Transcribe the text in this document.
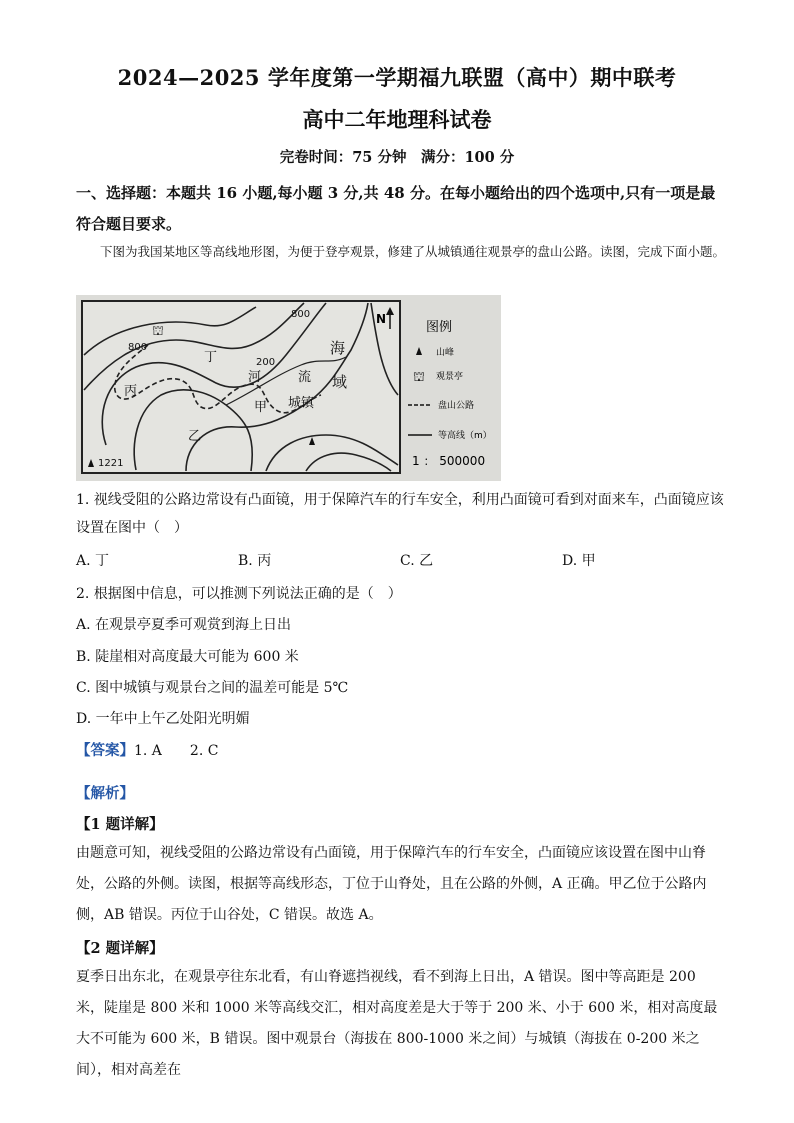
2024—2025 学年度第一学期福九联盟（高中）期中联考
高中二年地理科试卷
完卷时间：75 分钟　满分：100 分
一、选择题：本题共 16 小题,每小题 3 分,共 48 分。在每小题给出的四个选项中,只有一项是最符合题目要求。
下图为我国某地区等高线地形图，为便于登亭观景，修建了从城镇通往观景亭的盘山公路。读图，完成下面小题。
⛫
800
800
200
丁
丙
乙
甲
河	流
海
域
城镇
1221
N
图例
山峰
⛫ 观景亭
盘山公路
等高线（m）
1 ： 500000
1. 视线受阻的公路边常设有凸面镜，用于保障汽车的行车安全，利用凸面镜可看到对面来车，凸面镜应该设置在图中（　）
A. 丁	B. 丙	C. 乙	D. 甲
2. 根据图中信息，可以推测下列说法正确的是（　）
A. 在观景亭夏季可观赏到海上日出
B. 陡崖相对高度最大可能为 600 米
C. 图中城镇与观景台之间的温差可能是 5℃
D. 一年中上午乙处阳光明媚
【答案】1. A　　2. C
【解析】
【1 题详解】
由题意可知，视线受阻的公路边常设有凸面镜，用于保障汽车的行车安全，凸面镜应该设置在图中山脊处，公路的外侧。读图，根据等高线形态，丁位于山脊处，且在公路的外侧，A 正确。甲乙位于公路内侧，AB 错误。丙位于山谷处，C 错误。故选 A。
【2 题详解】
夏季日出东北，在观景亭往东北看，有山脊遮挡视线，看不到海上日出，A 错误。图中等高距是 200 米，陡崖是 800 米和 1000 米等高线交汇，相对高度差是大于等于 200 米、小于 600 米，相对高度最大不可能为 600 米，B 错误。图中观景台（海拔在 800-1000 米之间）与城镇（海拔在 0-200 米之间），相对高差在
